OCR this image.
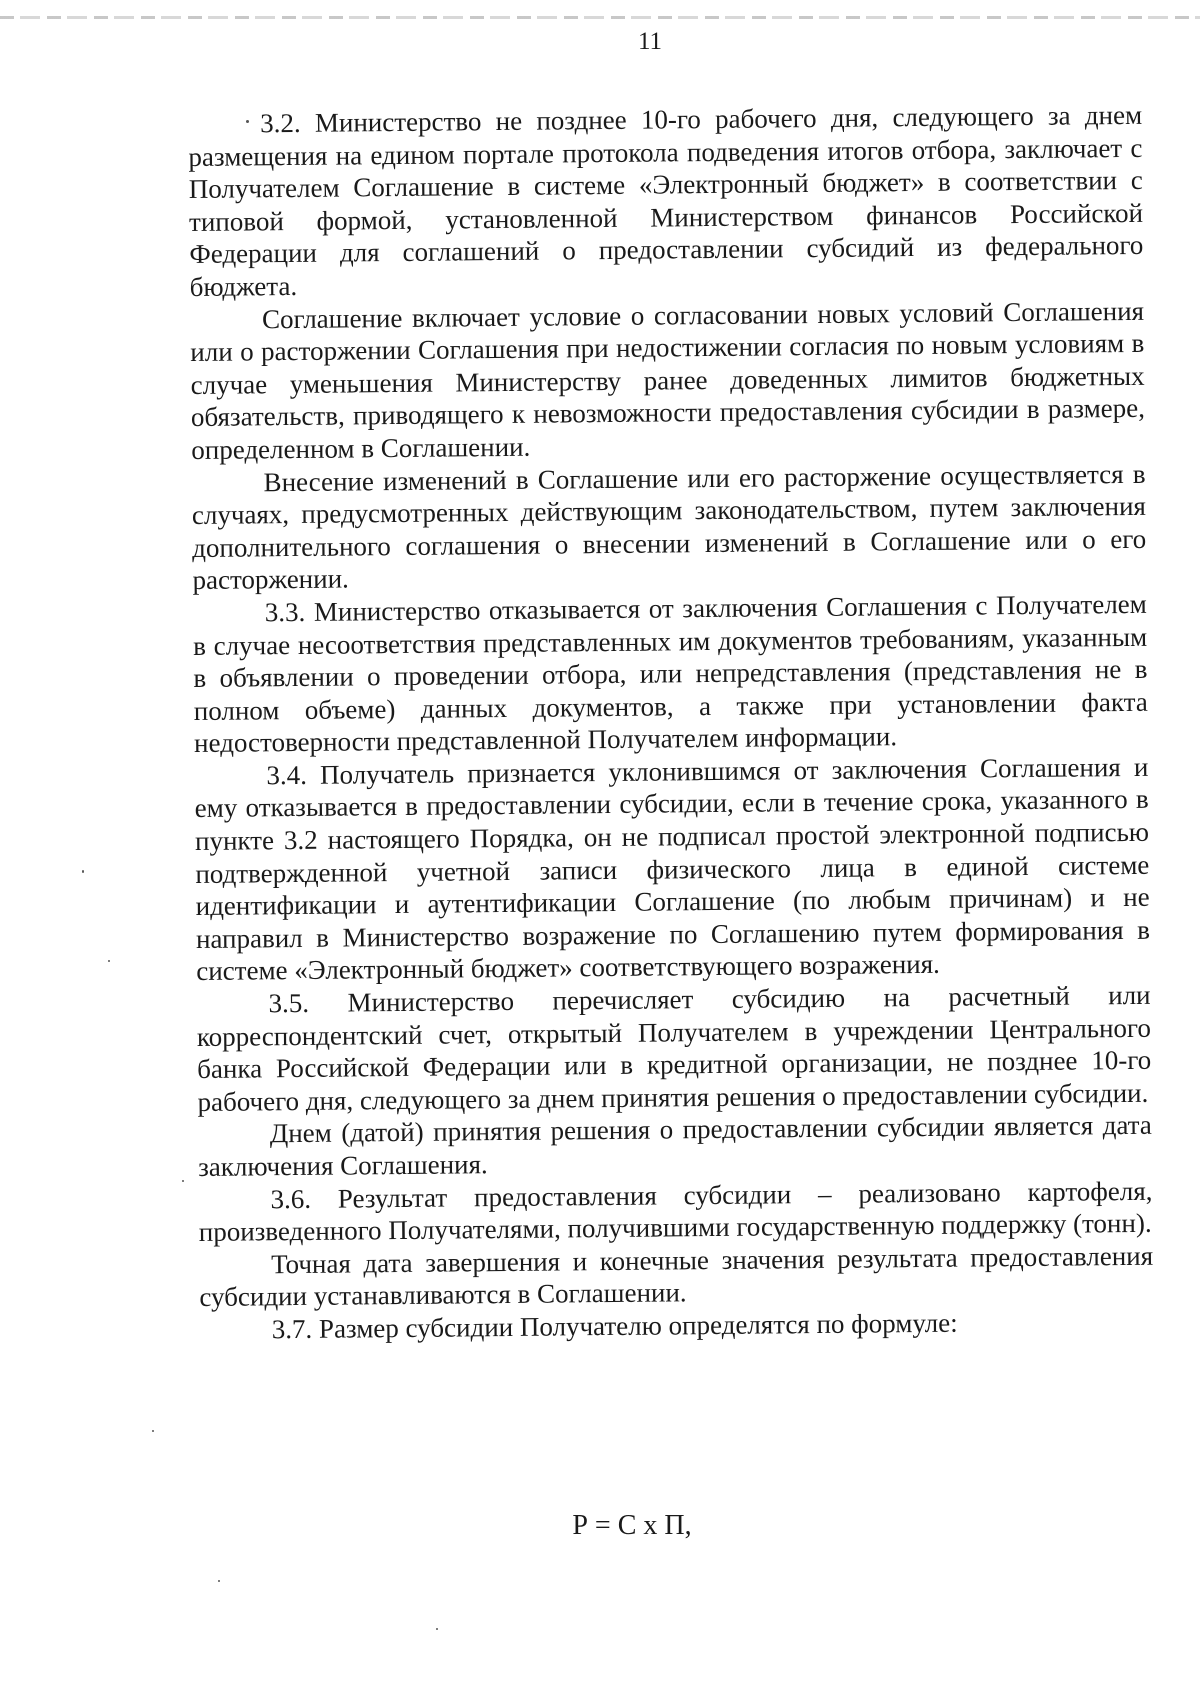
11

3.2. Министерство не позднее 10-го рабочего дня, следующего за днем размещения на едином портале протокола подведения итогов отбора, заключает с Получателем Соглашение в системе «Электронный бюджет» в соответствии с типовой формой, установленной Министерством финансов Российской Федерации для соглашений о предоставлении субсидий из федерального бюджета.

Соглашение включает условие о согласовании новых условий Соглашения или о расторжении Соглашения при недостижении согласия по новым условиям в случае уменьшения Министерству ранее доведенных лимитов бюджетных обязательств, приводящего к невозможности предоставления субсидии в размере, определенном в Соглашении.

Внесение изменений в Соглашение или его расторжение осуществляется в случаях, предусмотренных действующим законодательством, путем заключения дополнительного соглашения о внесении изменений в Соглашение или о его расторжении.

3.3. Министерство отказывается от заключения Соглашения с Получателем в случае несоответствия представленных им документов требованиям, указанным в объявлении о проведении отбора, или непредставления (представления не в полном объеме) данных документов, а также при установлении факта недостоверности представленной Получателем информации.

3.4. Получатель признается уклонившимся от заключения Соглашения и ему отказывается в предоставлении субсидии, если в течение срока, указанного в пункте 3.2 настоящего Порядка, он не подписал простой электронной подписью подтвержденной учетной записи физического лица в единой системе идентификации и аутентификации Соглашение (по любым причинам) и не направил в Министерство возражение по Соглашению путем формирования в системе «Электронный бюджет» соответствующего возражения.

3.5. Министерство перечисляет субсидию на расчетный или корреспондентский счет, открытый Получателем в учреждении Центрального банка Российской Федерации или в кредитной организации, не позднее 10-го рабочего дня, следующего за днем принятия решения о предоставлении субсидии.

Днем (датой) принятия решения о предоставлении субсидии является дата заключения Соглашения.

3.6. Результат предоставления субсидии – реализовано картофеля, произведенного Получателями, получившими государственную поддержку (тонн).

Точная дата завершения и конечные значения результата предоставления субсидии устанавливаются в Соглашении.

3.7. Размер субсидии Получателю определятся по формуле:

Р = С х П,
